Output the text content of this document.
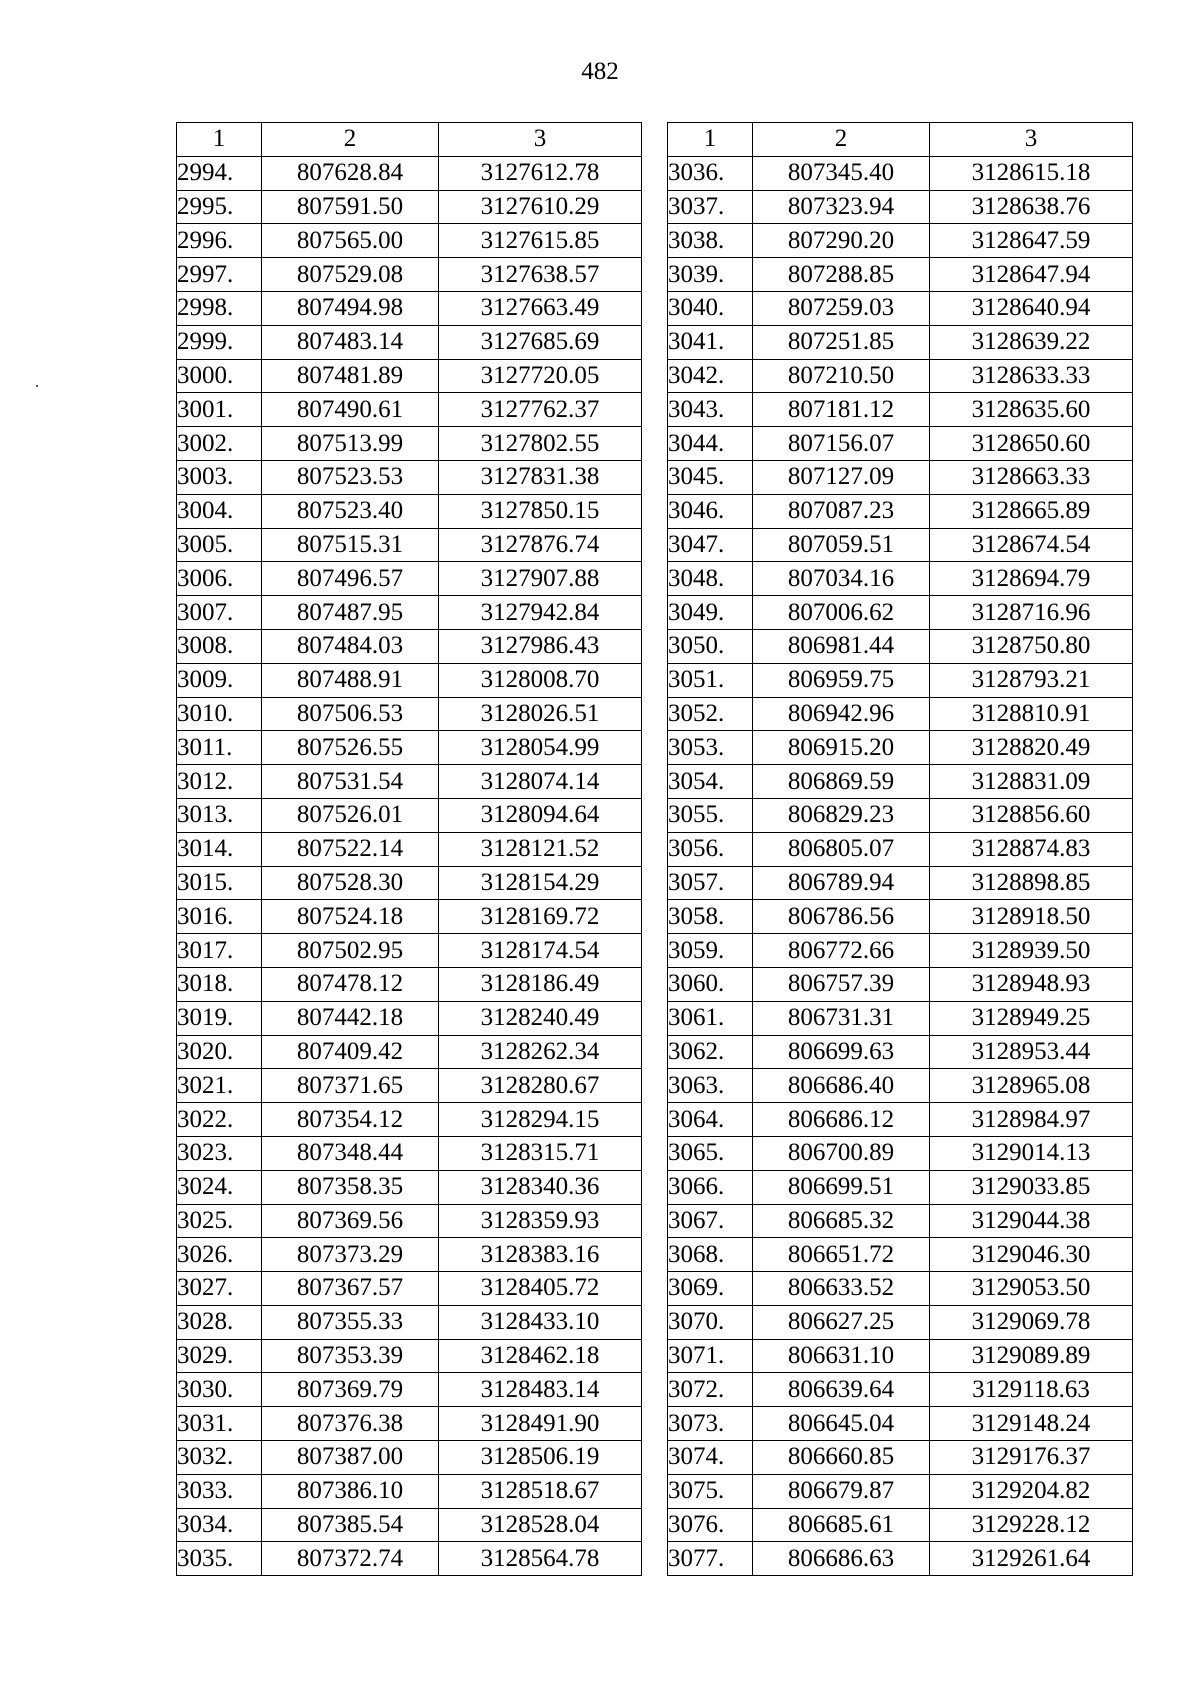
482
1	2	3
2994.	807628.84	3127612.78
2995.	807591.50	3127610.29
2996.	807565.00	3127615.85
2997.	807529.08	3127638.57
2998.	807494.98	3127663.49
2999.	807483.14	3127685.69
3000.	807481.89	3127720.05
3001.	807490.61	3127762.37
3002.	807513.99	3127802.55
3003.	807523.53	3127831.38
3004.	807523.40	3127850.15
3005.	807515.31	3127876.74
3006.	807496.57	3127907.88
3007.	807487.95	3127942.84
3008.	807484.03	3127986.43
3009.	807488.91	3128008.70
3010.	807506.53	3128026.51
3011.	807526.55	3128054.99
3012.	807531.54	3128074.14
3013.	807526.01	3128094.64
3014.	807522.14	3128121.52
3015.	807528.30	3128154.29
3016.	807524.18	3128169.72
3017.	807502.95	3128174.54
3018.	807478.12	3128186.49
3019.	807442.18	3128240.49
3020.	807409.42	3128262.34
3021.	807371.65	3128280.67
3022.	807354.12	3128294.15
3023.	807348.44	3128315.71
3024.	807358.35	3128340.36
3025.	807369.56	3128359.93
3026.	807373.29	3128383.16
3027.	807367.57	3128405.72
3028.	807355.33	3128433.10
3029.	807353.39	3128462.18
3030.	807369.79	3128483.14
3031.	807376.38	3128491.90
3032.	807387.00	3128506.19
3033.	807386.10	3128518.67
3034.	807385.54	3128528.04
3035.	807372.74	3128564.78
1	2	3
3036.	807345.40	3128615.18
3037.	807323.94	3128638.76
3038.	807290.20	3128647.59
3039.	807288.85	3128647.94
3040.	807259.03	3128640.94
3041.	807251.85	3128639.22
3042.	807210.50	3128633.33
3043.	807181.12	3128635.60
3044.	807156.07	3128650.60
3045.	807127.09	3128663.33
3046.	807087.23	3128665.89
3047.	807059.51	3128674.54
3048.	807034.16	3128694.79
3049.	807006.62	3128716.96
3050.	806981.44	3128750.80
3051.	806959.75	3128793.21
3052.	806942.96	3128810.91
3053.	806915.20	3128820.49
3054.	806869.59	3128831.09
3055.	806829.23	3128856.60
3056.	806805.07	3128874.83
3057.	806789.94	3128898.85
3058.	806786.56	3128918.50
3059.	806772.66	3128939.50
3060.	806757.39	3128948.93
3061.	806731.31	3128949.25
3062.	806699.63	3128953.44
3063.	806686.40	3128965.08
3064.	806686.12	3128984.97
3065.	806700.89	3129014.13
3066.	806699.51	3129033.85
3067.	806685.32	3129044.38
3068.	806651.72	3129046.30
3069.	806633.52	3129053.50
3070.	806627.25	3129069.78
3071.	806631.10	3129089.89
3072.	806639.64	3129118.63
3073.	806645.04	3129148.24
3074.	806660.85	3129176.37
3075.	806679.87	3129204.82
3076.	806685.61	3129228.12
3077.	806686.63	3129261.64
